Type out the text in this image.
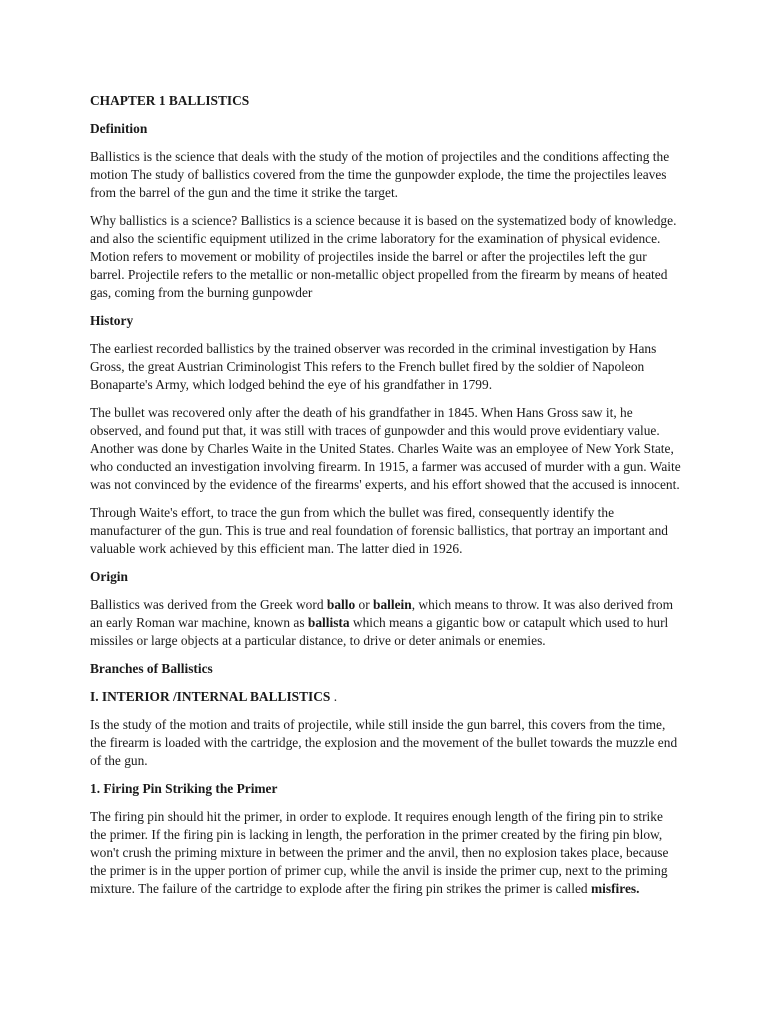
CHAPTER 1 BALLISTICS
Definition

Ballistics is the science that deals with the study of the motion of projectiles and the conditions affecting the motion The study of ballistics covered from the time the gunpowder explode, the time the projectiles leaves from the barrel of the gun and the time it strike the target.

Why ballistics is a science? Ballistics is a science because it is based on the systematized body of knowledge. and also the scientific equipment utilized in the crime laboratory for the examination of physical evidence. Motion refers to movement or mobility of projectiles inside the barrel or after the projectiles left the gur barrel. Projectile refers to the metallic or non-metallic object propelled from the firearm by means of heated gas, coming from the burning gunpowder

History

The earliest recorded ballistics by the trained observer was recorded in the criminal investigation by Hans Gross, the great Austrian Criminologist This refers to the French bullet fired by the soldier of Napoleon Bonaparte's Army, which lodged behind the eye of his grandfather in 1799.

The bullet was recovered only after the death of his grandfather in 1845. When Hans Gross saw it, he observed, and found put that, it was still with traces of gunpowder and this would prove evidentiary value. Another was done by Charles Waite in the United States. Charles Waite was an employee of New York State, who conducted an investigation involving firearm. In 1915, a farmer was accused of murder with a gun. Waite was not convinced by the evidence of the firearms' experts, and his effort showed that the accused is innocent.

Through Waite's effort, to trace the gun from which the bullet was fired, consequently identify the manufacturer of the gun. This is true and real foundation of forensic ballistics, that portray an important and valuable work achieved by this efficient man. The latter died in 1926.

Origin

Ballistics was derived from the Greek word ballo or ballein, which means to throw. It was also derived from an early Roman war machine, known as ballista which means a gigantic bow or catapult which used to hurl missiles or large objects at a particular distance, to drive or deter animals or enemies.

Branches of Ballistics

I. INTERIOR /INTERNAL BALLISTICS .

Is the study of the motion and traits of projectile, while still inside the gun barrel, this covers from the time, the firearm is loaded with the cartridge, the explosion and the movement of the bullet towards the muzzle end of the gun.

1. Firing Pin Striking the Primer

The firing pin should hit the primer, in order to explode. It requires enough length of the firing pin to strike the primer. If the firing pin is lacking in length, the perforation in the primer created by the firing pin blow, won't crush the priming mixture in between the primer and the anvil, then no explosion takes place, because the primer is in the upper portion of primer cup, while the anvil is inside the primer cup, next to the priming mixture. The failure of the cartridge to explode after the firing pin strikes the primer is called misfires.
